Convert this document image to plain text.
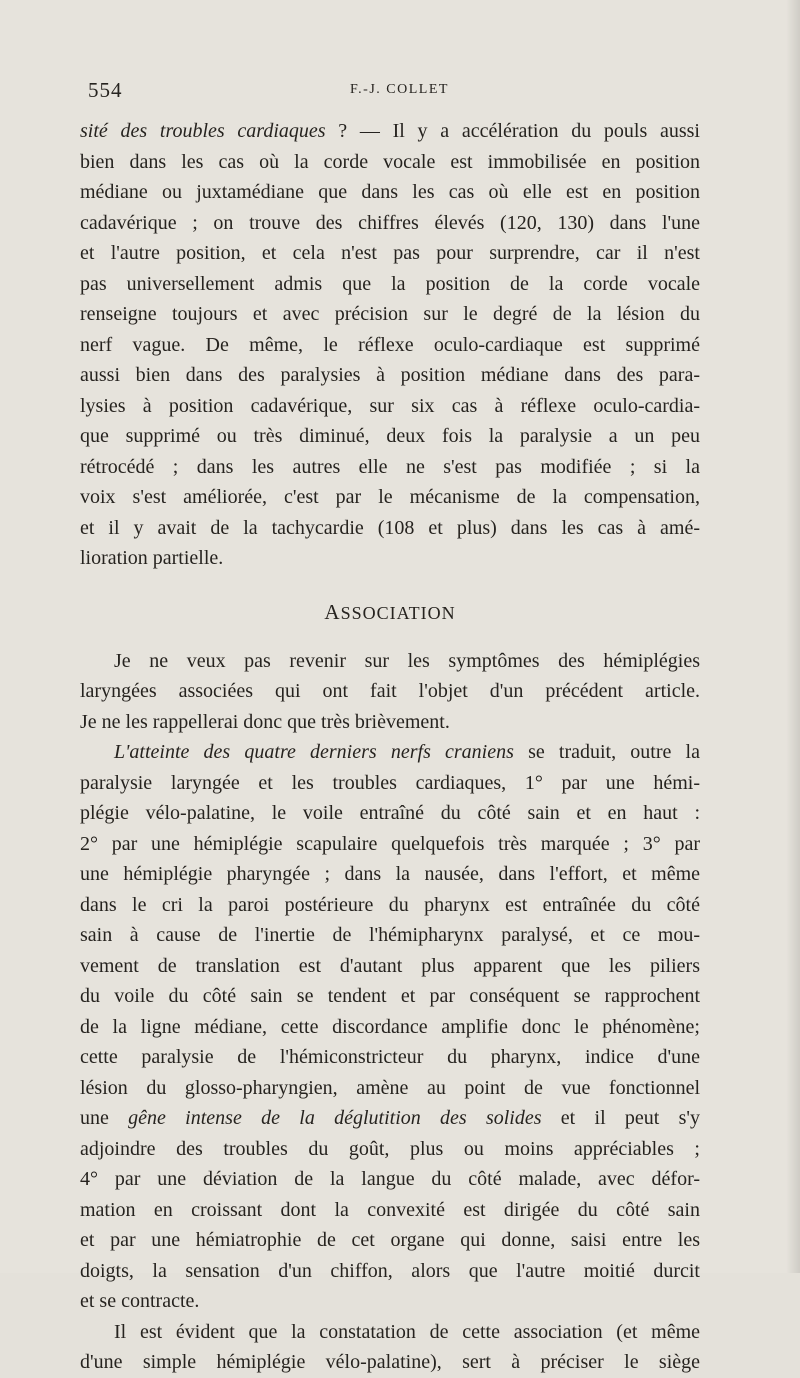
554	F.-J. COLLET

sité des troubles cardiaques ? — Il y a accélération du pouls aussi

bien dans les cas où la corde vocale est immobilisée en position

médiane ou juxtamédiane que dans les cas où elle est en position

cadavérique ; on trouve des chiffres élevés (120, 130) dans l'une

et l'autre position, et cela n'est pas pour surprendre, car il n'est

pas universellement admis que la position de la corde vocale

renseigne toujours et avec précision sur le degré de la lésion du

nerf vague. De même, le réflexe oculo-cardiaque est supprimé

aussi bien dans des paralysies à position médiane dans des para-

lysies à position cadavérique, sur six cas à réflexe oculo-cardia-

que supprimé ou très diminué, deux fois la paralysie a un peu

rétrocédé ; dans les autres elle ne s'est pas modifiée ; si la

voix s'est améliorée, c'est par le mécanisme de la compensation,

et il y avait de la tachycardie (108 et plus) dans les cas à amé-

lioration partielle.

ASSOCIATION

Je ne veux pas revenir sur les symptômes des hémiplégies

laryngées associées qui ont fait l'objet d'un précédent article.

Je ne les rappellerai donc que très brièvement.

L'atteinte des quatre derniers nerfs craniens se traduit, outre la

paralysie laryngée et les troubles cardiaques, 1° par une hémi-

plégie vélo-palatine, le voile entraîné du côté sain et en haut :

2° par une hémiplégie scapulaire quelquefois très marquée ; 3° par

une hémiplégie pharyngée ; dans la nausée, dans l'effort, et même

dans le cri la paroi postérieure du pharynx est entraînée du côté

sain à cause de l'inertie de l'hémipharynx paralysé, et ce mou-

vement de translation est d'autant plus apparent que les piliers

du voile du côté sain se tendent et par conséquent se rapprochent

de la ligne médiane, cette discordance amplifie donc le phénomène;

cette paralysie de l'hémiconstricteur du pharynx, indice d'une

lésion du glosso-pharyngien, amène au point de vue fonctionnel

une gêne intense de la déglutition des solides et il peut s'y

adjoindre des troubles du goût, plus ou moins appréciables ;

4° par une déviation de la langue du côté malade, avec défor-

mation en croissant dont la convexité est dirigée du côté sain

et par une hémiatrophie de cet organe qui donne, saisi entre les

doigts, la sensation d'un chiffon, alors que l'autre moitié durcit

et se contracte.

Il est évident que la constatation de cette association (et même

d'une simple hémiplégie vélo-palatine), sert à préciser le siège
